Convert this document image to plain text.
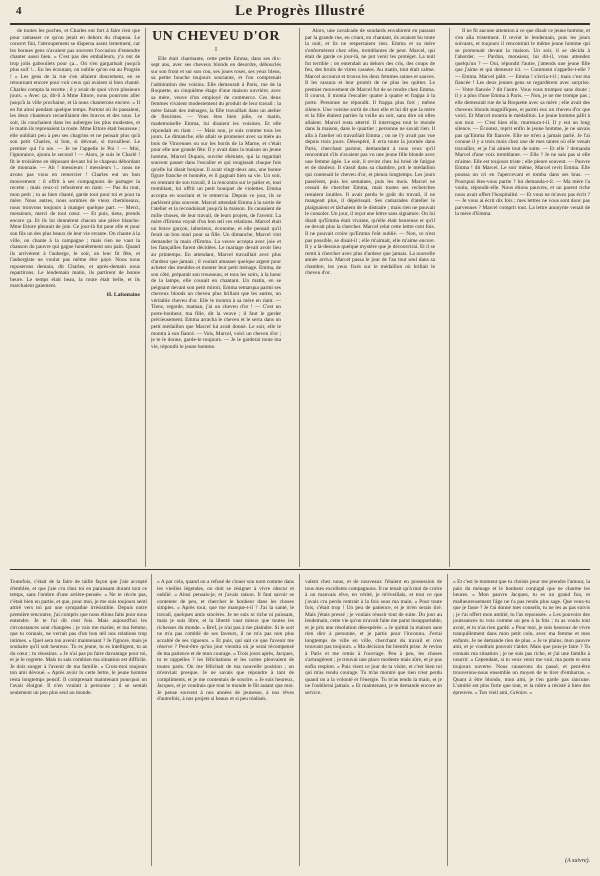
4	Le Progrès Illustré

de toutes les poches, et Charles eut fort à faire rien que pour ramasser ce qu'on jetait en dehors du chapeau. Le concert fini, l'attroupement se dispersa assez lentement, car les bonnes gens n'avaient pas souvent l'occasion d'entendre chanter aussi bien. « C'est pas des emballeurs, y'a ont de trop jolis gabouilets pour ça... On s'en gargarisait jusqu'à plus soif !... En les écoutant, on oublie qu'on est au Progrès ! » Les gens de la rue s'en allaient doucement, en se retournant encore pour voir ceux qui avaient si bien chanté. Charles compta la recette ; il y avait de quoi vivre plusieurs jours. « Avec ça, dit-il à Mme Ettore, nous pourrons aller jusqu'à la ville prochaine, et là nous chanterons encore. » Il en fut ainsi pendant quelque temps. Partout où ils passaient, les deux chanteurs recueillaient des bravos et des sous. Le soir, ils couchaient dans les auberges les plus modestes, et le matin ils reprenaient la route. Mme Ettore était heureuse ; elle oubliait peu à peu ses chagrins et ne pensait plus qu'à son petit Charles, si bon, si dévoué, si travailleur. Le premier qui l'a nie. — Je ne l'appelle le Poi ! — Moi, l'ignorance, ajouta le second ! — Alors, je suis le Charlé ! fit le troisième en déposant devant lui le chapeau débordant de monnaie. — Ah ! messieurs ! messieurs !... nous ne avons pas vous en remercier ! Charles eut un bon mouvement : il offrit à ses compagnons de partager la recette ; mais ceux-ci refusèrent en riant. — Pas du tout, mon petit ; tu as bien chanté, garde tout pour toi et pour ta mère. Nous autres, nous sommes de vieux chemineaux, nous trouvons toujours à manger quelque part. — Merci, messieurs, merci de tout cœur. — Et puis, tiens, prends encore ça. Et ils lui donnèrent chacun une pièce blanche. Mme Ettore pleurait de joie. Ce jour-là fut pour elle et pour son fils un des plus beaux de leur vie errante. On chante à la ville, on chante à la campagne ; mais rien ne vaut la chanson du pauvre qui gagne honnêtement son pain. Quand ils arrivèrent à l'auberge, le soir, on leur fit fête, et l'aubergiste ne voulut pas même être payé. Nous nous reposerons demain, dit Charles, et après-demain nous repartirons. Le lendemain matin, ils partirent de bonne heure. Le temps était beau, la route était belle, et ils marchaient gaiement.

H. Lafontaine
UN CHEVEU D'OR
I

Elle était charmante, cette petite Emma, dans ses dix-sept ans, avec ses cheveux blonds en désordre, débouclés sur son front et sur son cou, ses joues roses, ses yeux bleus, sa petite bouche toujours souriante, et l'on comprenait l'admiration des voisins. Elle demeurait à Paris, rue de la Roquette, au cinquième étage d'une maison ouvrière, avec sa mère, veuve d'un employé de commerce. Ces deux femmes vivaient modestement du produit de leur travail : la mère faisait des ménages, la fille travaillait dans un atelier de fleuristes. — Vous êtes bien jolie, ce matin, mademoiselle Emma, lui disaient les voisines. Et elle répondait en riant : — Mais non, je suis comme tous les jours. Le dimanche, elle allait se promener avec sa mère au bois de Vincennes ou sur les bords de la Marne, et c'était pour elle une grande fête. Il y avait dans la maison un jeune homme, Marcel Dupuis, ouvrier ébéniste, qui la regardait souvent passer dans l'escalier et qui rougissait chaque fois qu'elle lui disait bonjour. Il avait vingt-deux ans, une bonne figure franche et honnête, et il gagnait bien sa vie. Un soir, en rentrant de son travail, il la rencontra sur le palier et, tout tremblant, lui offrit un petit bouquet de violettes. Emma accepta en souriant et le remercia. Depuis ce jour, ils se parlèrent plus souvent. Marcel attendait Emma à la sortie de l'atelier et la reconduisait jusqu'à la maison. Ils causaient de mille choses, de leur travail, de leurs projets, de l'avenir. La mère d'Emma voyait d'un bon œil ces relations. Marcel était un brave garçon, laborieux, économe, et elle pensait qu'il ferait un bon mari pour sa fille. Un dimanche, Marcel vint demander la main d'Emma. La veuve accepta avec joie et les fiançailles furent décidées. Le mariage devait avoir lieu au printemps. En attendant, Marcel travaillait avec plus d'ardeur que jamais ; il voulait amasser quelque argent pour acheter des meubles et monter leur petit ménage. Emma, de son côté, préparait son trousseau, et tous les soirs, à la lueur de la lampe, elle cousait en chantant. Un matin, en se peignant devant son petit miroir, Emma remarqua parmi ses cheveux blonds un cheveu plus brillant que les autres, un véritable cheveu d'or. Elle le montra à sa mère en riant. — Tiens, regarde, maman, j'ai un cheveu d'or ! — C'est un porte-bonheur, ma fille, dit la veuve ; il faut le garder précieusement. Emma arracha le cheveu et le serra dans un petit médaillon que Marcel lui avait donné. Le soir, elle le montra à son fiancé. — Vois, Marcel, voici un cheveu d'or ; je te le donne, garde-le toujours. — Je le garderai toute ma vie, répondit le jeune homme.

Alors, une cavalcade de soudards envahirent en passant par la grande rue, en criant, en chantant, ils avaient bu toute la nuit, et ils ne respectaient rien. Emma et sa mère s'enfermèrent chez elles, tremblantes de peur. Marcel, qui était de garde ce jour-là, ne put venir les protéger. La nuit fut terrible ; on entendait au dehors des cris, des coups de feu, des bruits de vitres cassées. Au matin, tout était calme. Marcel accourut et trouva les deux femmes saines et sauves. Il les rassura et leur promit de ne plus les quitter. Le premier mouvement de Marcel fut de se rendre chez Emma. Il courut, il monta l'escalier quatre à quatre et frappa à la porte. Personne ne répondit. Il frappa plus fort ; même silence. Une voisine sortit de chez elle et lui dit que la mère et la fille étaient parties la veille au soir, sans dire où elles allaient. Marcel resta atterré. Il interrogea tout le monde dans la maison, dans le quartier ; personne ne savait rien. Il alla à l'atelier où travaillait Emma ; on ne l'y avait pas vue depuis trois jours. Désespéré, il erra toute la journée dans Paris, cherchant partout, demandant à tous ceux qu'il rencontrait s'ils n'avaient pas vu une jeune fille blonde avec une femme âgée. Le soir, il revint chez lui brisé de fatigue et de douleur. Il s'assit dans sa chambre, prit le médaillon qui contenait le cheveu d'or, et pleura longtemps. Les jours passèrent, puis les semaines, puis les mois. Marcel ne cessait de chercher Emma, mais toutes ses recherches restaient inutiles. Il avait perdu le goût du travail, il ne mangeait plus, il dépérissait. Ses camarades d'atelier le plaignaient et tâchaient de le distraire ; mais rien ne pouvait le consoler. Un jour, il reçut une lettre sans signature. On lui disait qu'Emma était vivante, qu'elle était heureuse et qu'il ne devait plus la chercher. Marcel relut cette lettre cent fois. Il ne pouvait croire qu'Emma l'eût oublié. — Non, ce n'est pas possible, se disait-il ; elle m'aimait, elle m'aime encore. Il y a là-dessous quelque mystère que je découvrirai. Et il se remit à chercher avec plus d'ardeur que jamais. La nouvelle année arriva. Marcel passa le jour de l'an tout seul dans sa chambre, les yeux fixés sur le médaillon où brillait le cheveu d'or.

Il ne fit aucune attention à ce que disait ce jeune homme, et s'en alla tristement. Il revint le lendemain, puis les jours suivants, et toujours il rencontrait le même jeune homme qui se promenait devant la maison. Un soir, il se décida à l'aborder. — Pardon, monsieur, lui dit-il, vous attendez quelqu'un ? — Oui, répondit l'autre, j'attends une jeune fille que j'aime et qui demeure ici. — Comment s'appelle-t-elle ? — Emma. Marcel pâlit. — Emma ! s'écria-t-il ; mais c'est ma fiancée ! Les deux jeunes gens se regardèrent avec surprise. — Votre fiancée ? dit l'autre. Vous vous trompez sans doute ; il y a plus d'une Emma à Paris. — Non, je ne me trompe pas ; elle demeurait rue de la Roquette avec sa mère ; elle avait des cheveux blonds magnifiques, et parmi eux un cheveu d'or que voici. Et Marcel montra le médaillon. Le jeune homme pâlit à son tour. — C'est bien elle, murmura-t-il. Il y eut un long silence. — Écoutez, reprit enfin le jeune homme, je ne savais pas qu'Emma fût fiancée. Elle ne m'en a jamais parlé. Je l'ai connue il y a trois mois chez une de mes tantes où elle venait travailler, et je l'ai aimée tout de suite. — Et elle ? demanda Marcel d'une voix tremblante. — Elle ? Je ne sais pas si elle m'aime. Elle est toujours triste ; elle pleure souvent. — Pauvre Emma ! dit Marcel. Le soir même, Marcel revit Emma. Elle poussa un cri en l'apercevant et tomba dans ses bras. — Pourquoi êtes-vous partie ? lui demanda-t-il. — Ma mère l'a voulu, répondit-elle. Nous étions pauvres, et un parent riche nous avait offert l'hospitalité. — Et vous ne m'avez pas écrit ? — Je vous ai écrit dix fois ; mes lettres ne vous sont donc pas parvenues ? Marcel comprit tout. La lettre anonyme venait de la mère d'Emma.

Toutefois, c'était de la faire de taille façon que j'aie accepté d'emblée, et que j'aie cru chez toi en paraissant durant tout ce temps, sans l'ombre d'une arrière-pensée. « Ne te récrie pas, c'était bien en partie, et que, pour moi, je me suis toujours senti attiré vers toi par une sympathie irrésistible. Depuis notre première rencontre, j'ai compris que nous étions faits pour nous entendre. Je te l'ai dit cent fois. Mais aujourd'hui les circonstances sont changées ; je vais me marier, et ma femme, que tu connais, ne verrait pas d'un bon œil nos relations trop intimes. « Quel sera ton avenir maintenant ? Je l'ignore, mais je souhaite qu'il soit heureux. Tu es jeune, tu es intelligent, tu as du cœur ; tu réussiras. « Je n'ai pas pu faire davantage pour toi, et je le regrette. Mais tu sais combien ma situation est difficile. Je dois songer à l'avenir de ma famille. « Crois-moi toujours ton ami dévoué. » Après avoir lu cette lettre, le jeune homme resta longtemps pensif. Il comprenait maintenant pourquoi on l'avait éloigné. Il n'en voulait à personne ; il se sentait seulement un peu plus seul au monde.

« A par cela, quand on a refusé de clouer son nom comme dans les vieilles légendes, on doit se résigner à vivre obscur et oublié. « Ainsi pensais-je, et j'avais raison. Il faut savoir se contenter de peu, et chercher le bonheur dans les choses simples. « Après tout, que me manque-t-il ? J'ai la santé, le travail, quelques amis sincères. Je ne suis ni riche ni puissant, mais je suis libre, et la liberté vaut mieux que toutes les richesses du monde. « Bref, je n'ai pas à me plaindre. Si le sort ne m'a pas comblé de ses faveurs, il ne m'a pas non plus accablé de ses rigueurs. « Et puis, qui sait ce que l'avenir me réserve ? Peut-être qu'un jour viendra où je serai récompensé de ma patience et de mon courage. « Trois jours après, Jacques, tu te rappelles ? les félicitations et les cartes pleuvaient de toutes parts. On me félicitait de ma nouvelle position ; on m'enviait presque. Je ne savais que répondre à tant de compliments, et je me contentais de sourire. « Je suis heureux, Jacques, et je voudrais que tout le monde le fût autant que moi. Je pense souvent à nos années de jeunesse, à nos rêves d'autrefois, à nos projets si beaux et si peu réalisés.

valent chez nous, et de nouveaux l'étaient en possession de tous mes excellents compagnons. Il ne tenait qu'à moi de croire à un mauvais rêve, en vérité, je m'éveillais, et tout ce que j'avais cru perdu rentrait à la fois sous ma main. « Pour toute fois, c'était trop ! Un peu de patience, et je m'en serais tiré. Mais j'étais pressé ; je voulais réussir tout de suite. Du jour au lendemain, cette vie qu'on m'avait faite me parut insupportable, et je pris une résolution désespérée. « Je quittai la maison sans rien dire à personne, et je partis pour l'inconnu. J'errai longtemps de ville en ville, cherchant du travail et n'en trouvant pas toujours. « Ma décision fut bientôt prise. Je revins à Paris et me remis à l'ouvrage. Peu à peu, les choses s'arrangèrent ; je trouvai une place modeste mais sûre, et je pus enfin respirer. « Puis vient ce jour de ta visite, et c'est bien toi qui m'as rendu courage. Tu m'as montré que rien n'est perdu quand on a la volonté et l'énergie. Tu m'as tendu la main, et je ne l'oublierai jamais. « Et maintenant, je te demande encore un service.

« Et c'est le moment que tu choisis pour me prendre l'amour, la paix du ménage et le bonheur conjugal que ne charme les heures. « Mon pauvre Jacques, tu es un grand fou, et malheureusement l'âge ne t'a pas rendu plus sage. Que veux-tu que je fasse ? Je t'ai donné mes conseils, tu ne les as pas suivis ; je t'ai offert mon amitié, tu l'as repoussée. « Les pouvoirs des jouissances tu vois comme un peu à la fois ; tu as voulu tout avoir, et tu n'as rien gardé. « Pour moi, je suis heureux de vivre tranquillement dans mon petit coin, avec ma femme et mes enfants. Je ne demande rien de plus. « Je te plains, mon pauvre ami, et je voudrais pouvoir t'aider. Mais que puis-je faire ? Tu connais ma situation ; je ne suis pas riche, et j'ai une famille à nourrir. « Cependant, si tu veux venir me voir, ma porte te sera toujours ouverte. Nous causerons du passé, et peut-être trouverons-nous ensemble un moyen de te tirer d'embarras. « Quant à être blondo, mon ami, je t'en garde pas rancune. L'amitié est plus forte que tout, et la nôtre a résisté à bien des épreuves. « Ton vieil ami, Gréoire. »

(A suivre).
